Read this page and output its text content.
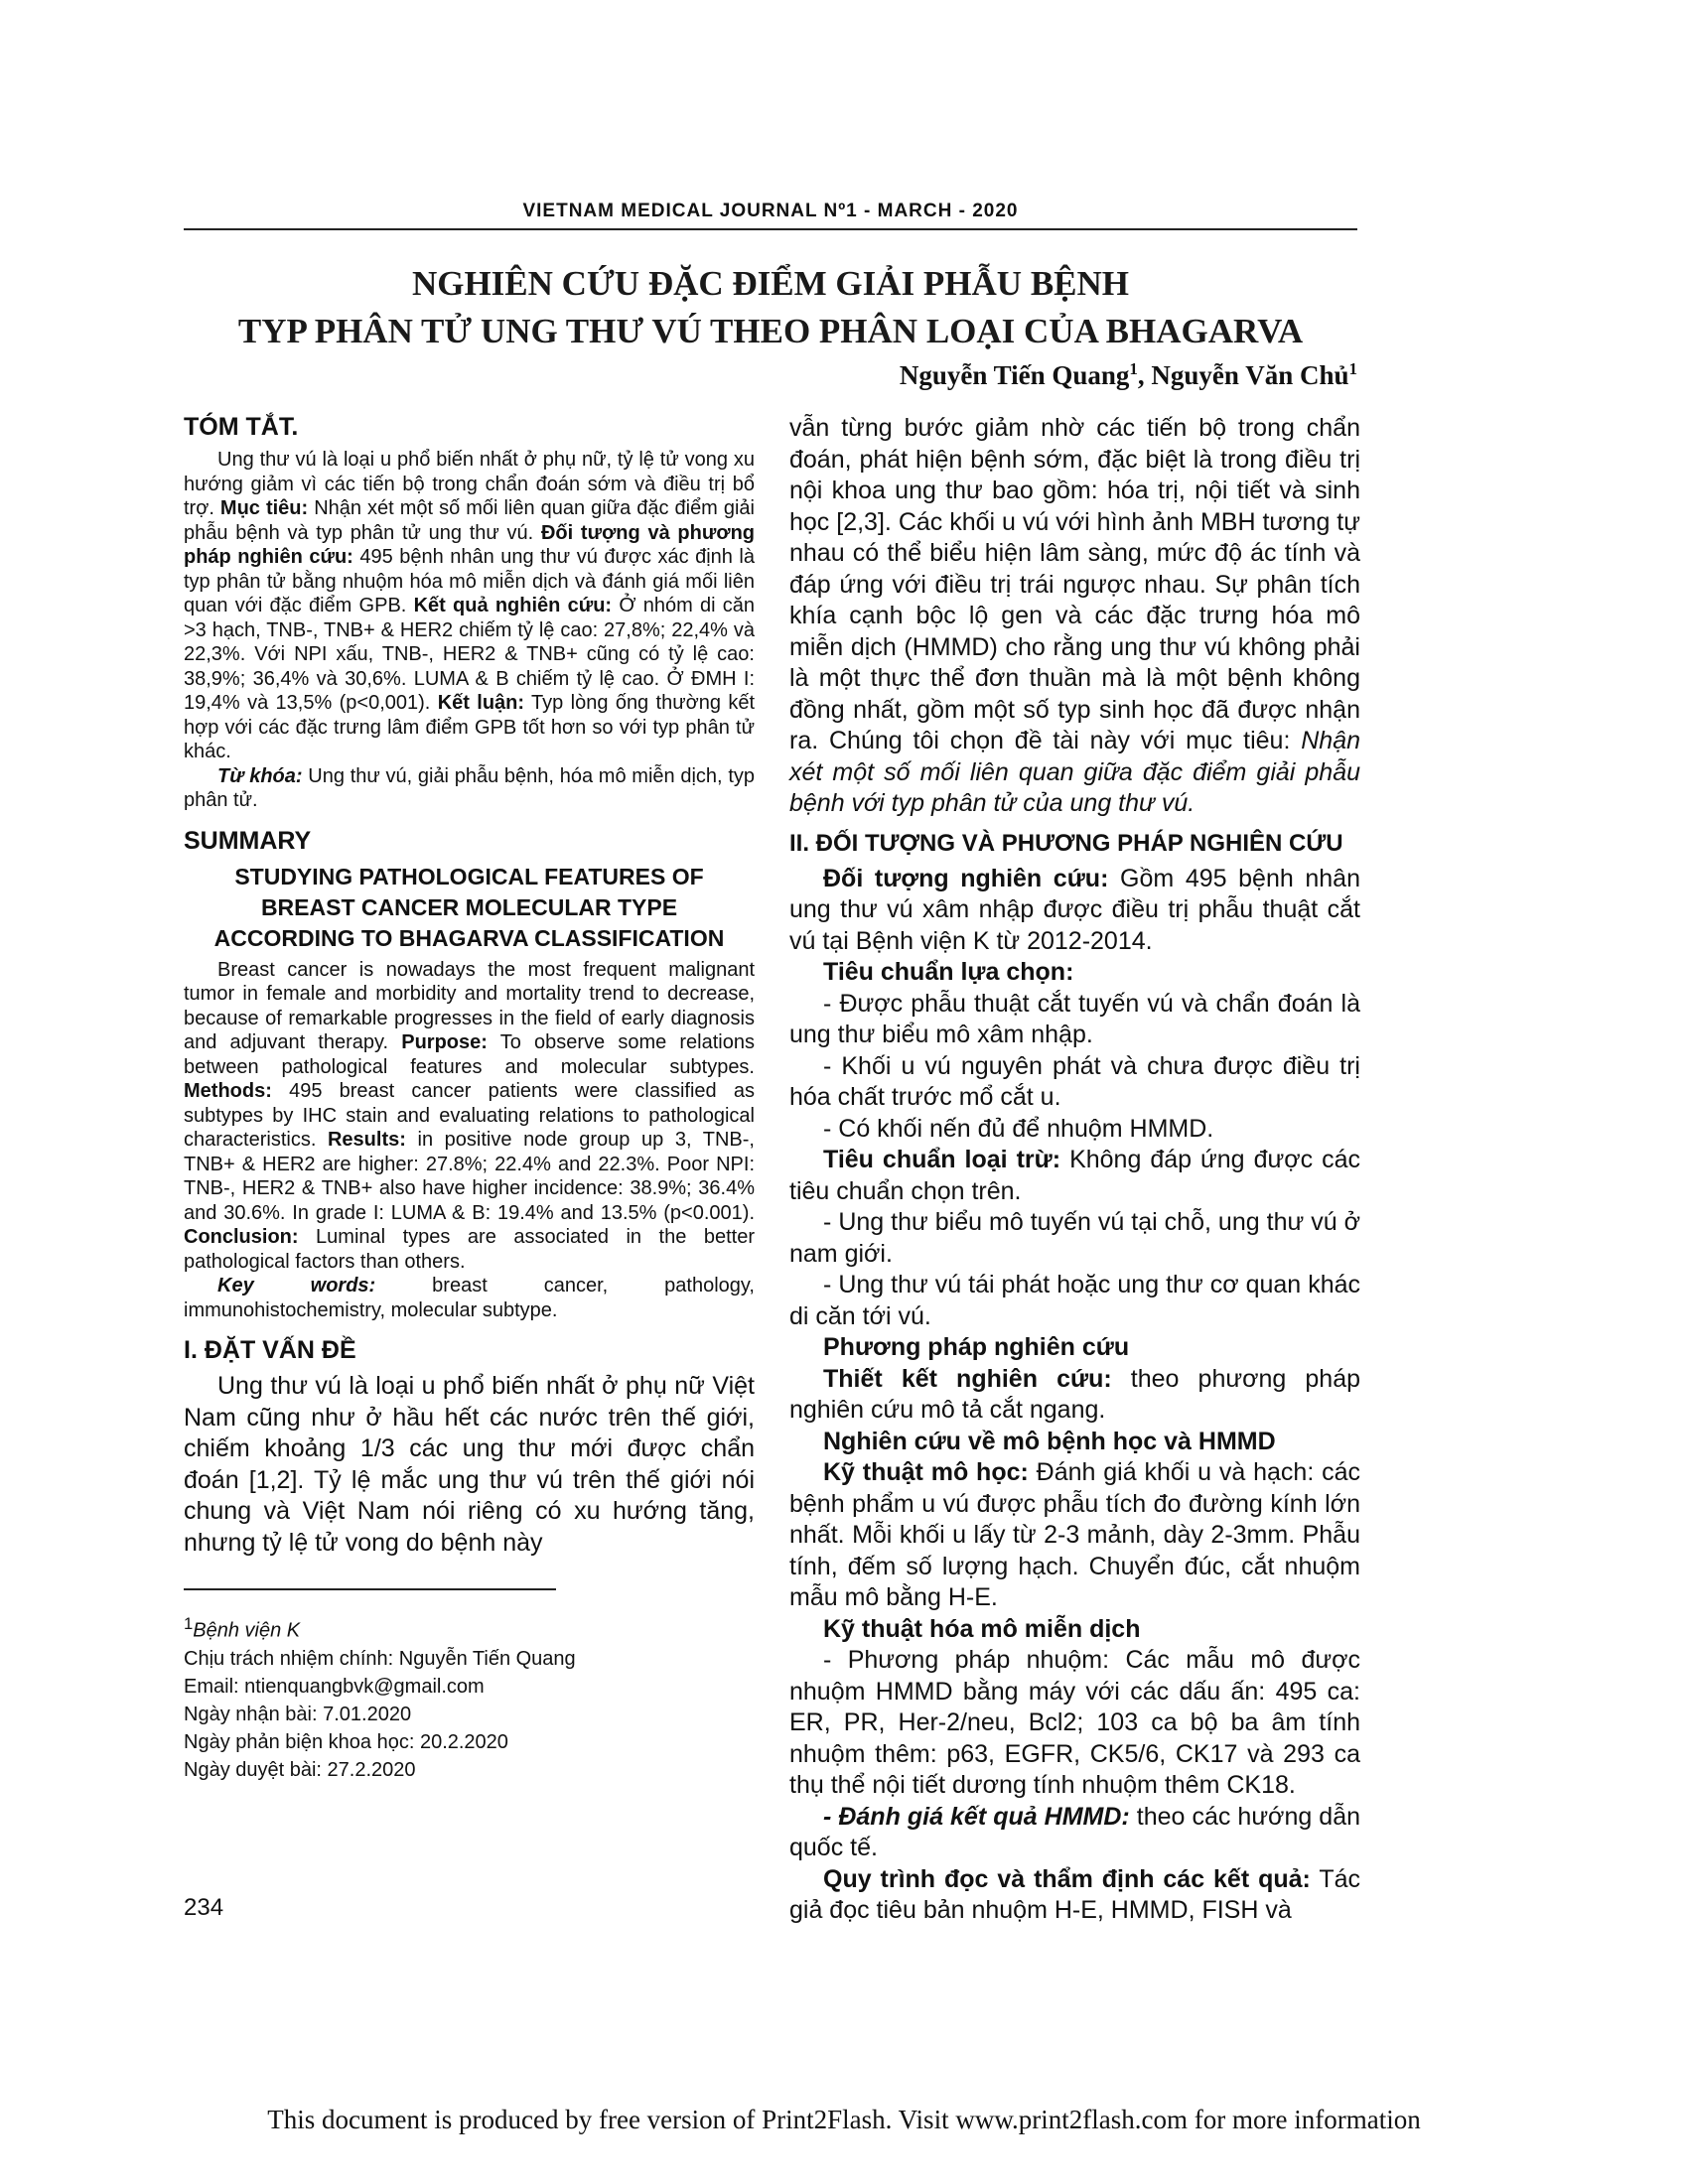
VIETNAM MEDICAL JOURNAL Nº1 - MARCH - 2020
NGHIÊN CỨU ĐẶC ĐIỂM GIẢI PHẪU BỆNH
TYP PHÂN TỬ UNG THƯ VÚ THEO PHÂN LOẠI CỦA BHAGARVA
Nguyễn Tiến Quang$^1$, Nguyễn Văn Chủ$^1$
TÓM TẮT.

Ung thư vú là loại u phổ biến nhất ở phụ nữ, tỷ lệ tử vong xu hướng giảm vì các tiến bộ trong chẩn đoán sớm và điều trị bổ trợ. Mục tiêu: Nhận xét một số mối liên quan giữa đặc điểm giải phẫu bệnh và typ phân tử ung thư vú. Đối tượng và phương pháp nghiên cứu: 495 bệnh nhân ung thư vú được xác định là typ phân tử bằng nhuộm hóa mô miễn dịch và đánh giá mối liên quan với đặc điểm GPB. Kết quả nghiên cứu: Ở nhóm di căn >3 hạch, TNB-, TNB+ & HER2 chiếm tỷ lệ cao: 27,8%; 22,4% và 22,3%. Với NPI xấu, TNB-, HER2 & TNB+ cũng có tỷ lệ cao: 38,9%; 36,4% và 30,6%. LUMA & B chiếm tỷ lệ cao. Ở ĐMH I: 19,4% và 13,5% (p<0,001). Kết luận: Typ lòng ống thường kết hợp với các đặc trưng lâm điểm GPB tốt hơn so với typ phân tử khác.

Từ khóa: Ung thư vú, giải phẫu bệnh, hóa mô miễn dịch, typ phân tử.

SUMMARY
STUDYING PATHOLOGICAL FEATURES OF
BREAST CANCER MOLECULAR TYPE
ACCORDING TO BHAGARVA CLASSIFICATION

Breast cancer is nowadays the most frequent malignant tumor in female and morbidity and mortality trend to decrease, because of remarkable progresses in the field of early diagnosis and adjuvant therapy. Purpose: To observe some relations between pathological features and molecular subtypes. Methods: 495 breast cancer patients were classified as subtypes by IHC stain and evaluating relations to pathological characteristics. Results: in positive node group up 3, TNB-, TNB+ & HER2 are higher: 27.8%; 22.4% and 22.3%. Poor NPI: TNB-, HER2 & TNB+ also have higher incidence: 38.9%; 36.4% and 30.6%. In grade I: LUMA & B: 19.4% and 13.5% (p<0.001). Conclusion: Luminal types are associated in the better pathological factors than others.

Key words: breast cancer, pathology, immunohistochemistry, molecular subtype.

I. ĐẶT VẤN ĐỀ

Ung thư vú là loại u phổ biến nhất ở phụ nữ Việt Nam cũng như ở hầu hết các nước trên thế giới, chiếm khoảng 1/3 các ung thư mới được chẩn đoán [1,2]. Tỷ lệ mắc ung thư vú trên thế giới nói chung và Việt Nam nói riêng có xu hướng tăng, nhưng tỷ lệ tử vong do bệnh này

$^1$Bệnh viện K

Chịu trách nhiệm chính: Nguyễn Tiến Quang

Email: ntienquangbvk@gmail.com

Ngày nhận bài: 7.01.2020

Ngày phản biện khoa học: 20.2.2020

Ngày duyệt bài: 27.2.2020

vẫn từng bước giảm nhờ các tiến bộ trong chẩn đoán, phát hiện bệnh sớm, đặc biệt là trong điều trị nội khoa ung thư bao gồm: hóa trị, nội tiết và sinh học [2,3]. Các khối u vú với hình ảnh MBH tương tự nhau có thể biểu hiện lâm sàng, mức độ ác tính và đáp ứng với điều trị trái ngược nhau. Sự phân tích khía cạnh bộc lộ gen và các đặc trưng hóa mô miễn dịch (HMMD) cho rằng ung thư vú không phải là một thực thể đơn thuần mà là một bệnh không đồng nhất, gồm một số typ sinh học đã được nhận ra. Chúng tôi chọn đề tài này với mục tiêu: Nhận xét một số mối liên quan giữa đặc điểm giải phẫu bệnh với typ phân tử của ung thư vú.

II. ĐỐI TƯỢNG VÀ PHƯƠNG PHÁP NGHIÊN CỨU

Đối tượng nghiên cứu: Gồm 495 bệnh nhân ung thư vú xâm nhập được điều trị phẫu thuật cắt vú tại Bệnh viện K từ 2012-2014.

Tiêu chuẩn lựa chọn:

- Được phẫu thuật cắt tuyến vú và chẩn đoán là ung thư biểu mô xâm nhập.

- Khối u vú nguyên phát và chưa được điều trị hóa chất trước mổ cắt u.

- Có khối nến đủ để nhuộm HMMD.

Tiêu chuẩn loại trừ: Không đáp ứng được các tiêu chuẩn chọn trên.

- Ung thư biểu mô tuyến vú tại chỗ, ung thư vú ở nam giới.

- Ung thư vú tái phát hoặc ung thư cơ quan khác di căn tới vú.

Phương pháp nghiên cứu

Thiết kết nghiên cứu: theo phương pháp nghiên cứu mô tả cắt ngang.

Nghiên cứu về mô bệnh học và HMMD

Kỹ thuật mô học: Đánh giá khối u và hạch: các bệnh phẩm u vú được phẫu tích đo đường kính lớn nhất. Mỗi khối u lấy từ 2-3 mảnh, dày 2-3mm. Phẫu tính, đếm số lượng hạch. Chuyển đúc, cắt nhuộm mẫu mô bằng H-E.

Kỹ thuật hóa mô miễn dịch

- Phương pháp nhuộm: Các mẫu mô được nhuộm HMMD bằng máy với các dấu ấn: 495 ca: ER, PR, Her-2/neu, Bcl2; 103 ca bộ ba âm tính nhuộm thêm: p63, EGFR, CK5/6, CK17 và 293 ca thụ thể nội tiết dương tính nhuộm thêm CK18.

- Đánh giá kết quả HMMD: theo các hướng dẫn quốc tế.

Quy trình đọc và thẩm định các kết quả: Tác giả đọc tiêu bản nhuộm H-E, HMMD, FISH và

234
This document is produced by free version of Print2Flash. Visit www.print2flash.com for more information
